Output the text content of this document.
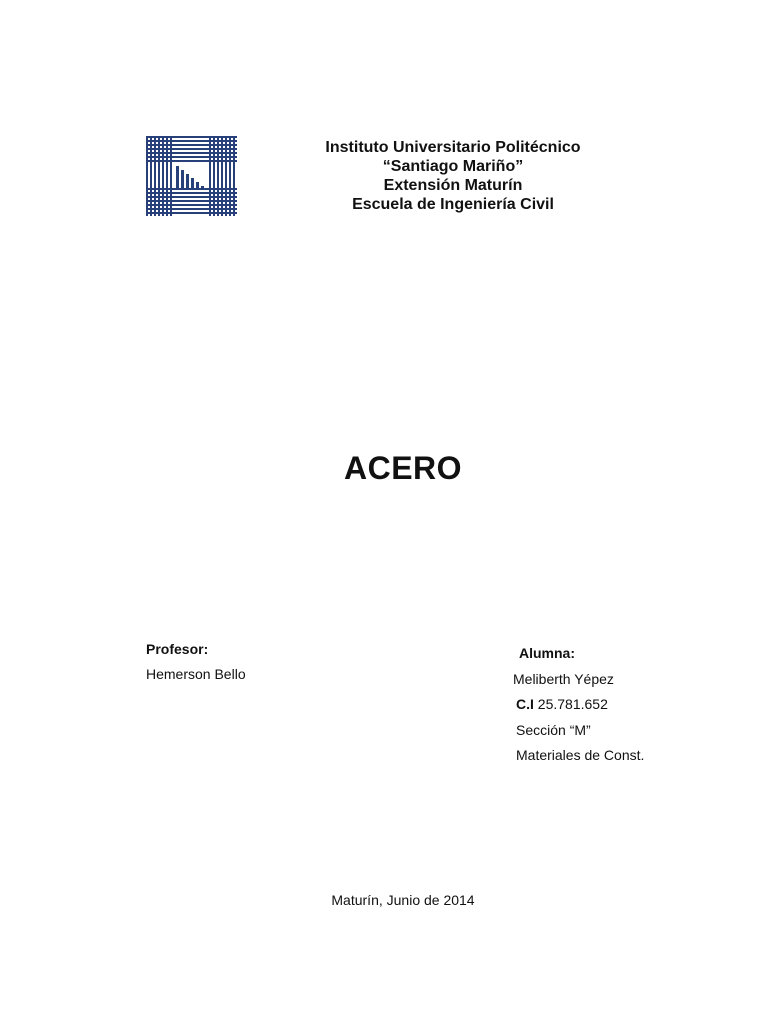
Instituto Universitario Politécnico
“Santiago Mariño”
Extensión Maturín
Escuela de Ingeniería Civil
ACERO
Profesor:
Hemerson Bello
Alumna:
Meliberth Yépez
C.I 25.781.652
Sección “M”
Materiales de Const.
Maturín, Junio de 2014
